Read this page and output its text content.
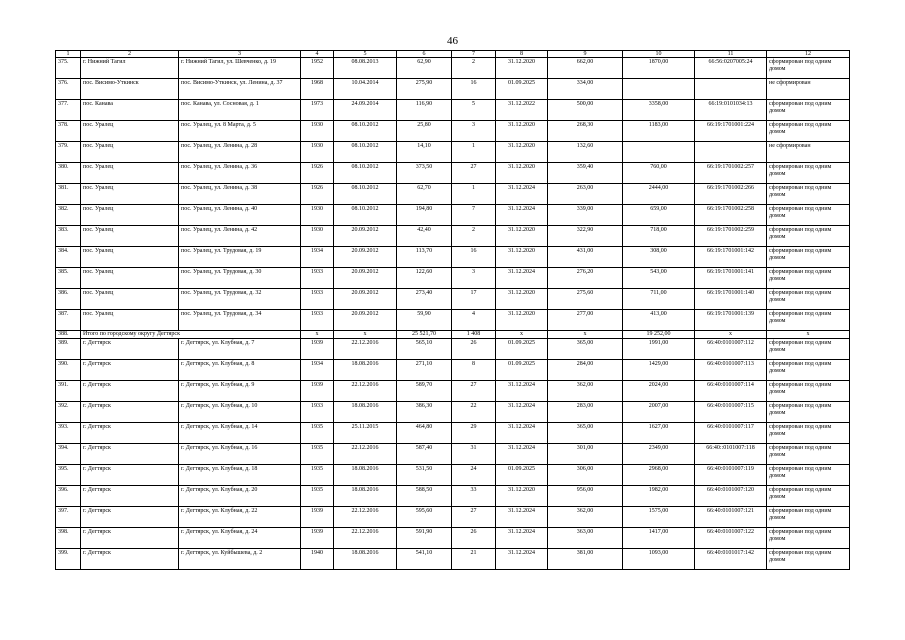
46
1	2	3	4	5	6	7	8	9	10	11	12
375.	г. Нижний Тагил	г. Нижний Тагил, ул. Шевченко, д. 19	1952	08.08.2013	62,90	2	31.12.2020	662,00	1870,00	66:56:0207005:24	сформирован под одним домом
376.	пос. Висимо-Уткинск	пос. Висимо-Уткинск, ул. Ленина, д. 37	1968	10.04.2014	275,90	16	01.09.2025	334,00			не сформирован
377.	пос. Канава	пос. Канава, ул. Сосновая, д. 1	1973	24.09.2014	116,90	5	31.12.2022	500,00	3358,00	66:19:0101034:13	сформирован под одним домом
378.	пос. Уралец	пос. Уралец, ул. 8 Марта, д. 5	1930	08.10.2012	25,80	3	31.12.2020	268,30	1183,00	66:19:1701001:224	сформирован под одним домом
379.	пос. Уралец	пос. Уралец, ул. Ленина, д. 28	1930	08.10.2012	14,10	1	31.12.2020	132,60			не сформирован
380.	пос. Уралец	пос. Уралец, ул. Ленина, д. 36	1926	08.10.2012	373,50	27	31.12.2020	359,40	760,00	66:19:1701002:257	сформирован под одним домом
381.	пос. Уралец	пос. Уралец, ул. Ленина, д. 38	1926	08.10.2012	62,70	1	31.12.2024	263,00	2444,00	66:19:1701002:266	сформирован под одним домом
382.	пос. Уралец	пос. Уралец, ул. Ленина, д. 40	1930	08.10.2012	194,80	7	31.12.2024	339,00	659,00	66:19:1701002:258	сформирован под одним домом
383.	пос. Уралец	пос. Уралец, ул. Ленина, д. 42	1930	20.09.2012	42,40	2	31.12.2020	322,90	718,00	66:19:1701002:259	сформирован под одним домом
384.	пос. Уралец	пос. Уралец, ул. Трудовая, д. 19	1934	20.09.2012	113,70	16	31.12.2020	431,00	308,00	66:19:1701001:142	сформирован под одним домом
385.	пос. Уралец	пос. Уралец, ул. Трудовая, д. 30	1933	20.09.2012	122,60	3	31.12.2024	276,20	543,00	66:19:1701001:141	сформирован под одним домом
386.	пос. Уралец	пос. Уралец, ул. Трудовая, д. 32	1933	20.09.2012	273,40	17	31.12.2020	275,60	711,00	66:19:1701001:140	сформирован под одним домом
387.	пос. Уралец	пос. Уралец, ул. Трудовая, д. 34	1933	20.09.2012	59,90	4	31.12.2020	277,00	413,00	66:19:1701001:139	сформирован под одним домом
388.	Итого по городскому округу Дегтярск		x	x	25 521,70	1 408	x	x	19 252,00	x	x
389.	г. Дегтярск	г. Дегтярск, ул. Клубная, д. 7	1939	22.12.2016	565,10	26	01.09.2025	365,00	1991,00	66:40:0101007:112	сформирован под одним домом
390.	г. Дегтярск	г. Дегтярск, ул. Клубная, д. 8	1934	18.08.2016	271,10	8	01.09.2025	284,00	1429,00	66:40:0101007:113	сформирован под одним домом
391.	г. Дегтярск	г. Дегтярск, ул. Клубная, д. 9	1939	22.12.2016	589,70	27	31.12.2024	362,00	2024,00	66:40:0101007:114	сформирован под одним домом
392.	г. Дегтярск	г. Дегтярск, ул. Клубная, д. 10	1933	18.08.2016	386,30	22	31.12.2024	283,00	2007,00	66:40:0101007:115	сформирован под одним домом
393.	г. Дегтярск	г. Дегтярск, ул. Клубная, д. 14	1935	25.11.2015	464,80	29	31.12.2024	365,00	1627,00	66:40:0101007:117	сформирован под одним домом
394.	г. Дегтярск	г. Дегтярск, ул. Клубная, д. 16	1935	22.12.2016	587,40	31	31.12.2024	301,00	2349,00	66:40::0101007:118	сформирован под одним домом
395.	г. Дегтярск	г. Дегтярск, ул. Клубная, д. 18	1935	18.08.2016	531,50	24	01.09.2025	306,00	2968,00	66:40:0101007:119	сформирован под одним домом
396.	г. Дегтярск	г. Дегтярск, ул. Клубная, д. 20	1935	18.08.2016	588,50	33	31.12.2020	956,00	1982,00	66:40:0101007:120	сформирован под одним домом
397.	г. Дегтярск	г. Дегтярск, ул. Клубная, д. 22	1939	22.12.2016	595,60	27	31.12.2024	362,00	1575,00	66:40:0101007:121	сформирован под одним домом
398.	г. Дегтярск	г. Дегтярск, ул. Клубная, д. 24	1939	22.12.2016	591,90	26	31.12.2024	363,00	1417,00	66:40:0101007:122	сформирован под одним домом
399.	г. Дегтярск	г. Дегтярск, ул. Куйбышева, д. 2	1940	18.08.2016	541,10	21	31.12.2024	381,00	1093,00	66:40:0101017:142	сформирован под одним домом
